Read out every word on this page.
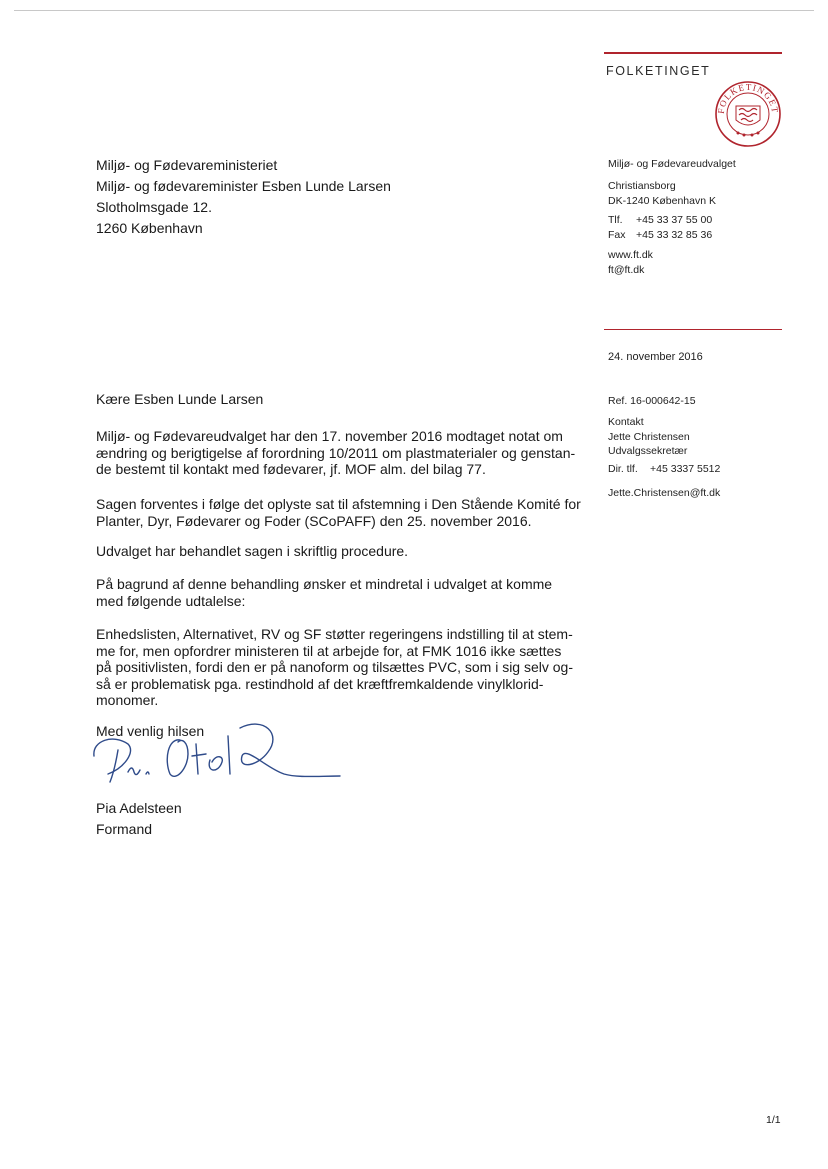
FOLKETINGET
FOLKETINGET
Miljø- og Fødevareministeriet
Miljø- og fødevareminister Esben Lunde Larsen
Slotholmsgade 12.
1260 København
Miljø- og Fødevareudvalget
Christiansborg
DK-1240 København K
Tlf.	+45 33 37 55 00
Fax +45 33 32 85 36
www.ft.dk
ft@ft.dk
24. november 2016
Ref. 16-000642-15
Kontakt
Jette Christensen
Udvalgssekretær
Dir. tlf.	+45 3337 5512
Jette.Christensen@ft.dk
Kære Esben Lunde Larsen
Miljø- og Fødevareudvalget har den 17. november 2016 modtaget notat om
ændring og berigtigelse af forordning 10/2011 om plastmaterialer og genstan-
de bestemt til kontakt med fødevarer, jf. MOF alm. del bilag 77.
Sagen forventes i følge det oplyste sat til afstemning i Den Stående Komité for
Planter, Dyr, Fødevarer og Foder (SCoPAFF) den 25. november 2016.
Udvalget har behandlet sagen i skriftlig procedure.
På bagrund af denne behandling ønsker et mindretal i udvalget at komme
med følgende udtalelse:
Enhedslisten, Alternativet, RV og SF støtter regeringens indstilling til at stem-
me for, men opfordrer ministeren til at arbejde for, at FMK 1016 ikke sættes
på positivlisten, fordi den er på nanoform og tilsættes PVC, som i sig selv og-
så er problematisk pga. restindhold af det kræftfremkaldende vinylklorid-
monomer.
Med venlig hilsen
Pia Adelsteen
Formand
1/1
